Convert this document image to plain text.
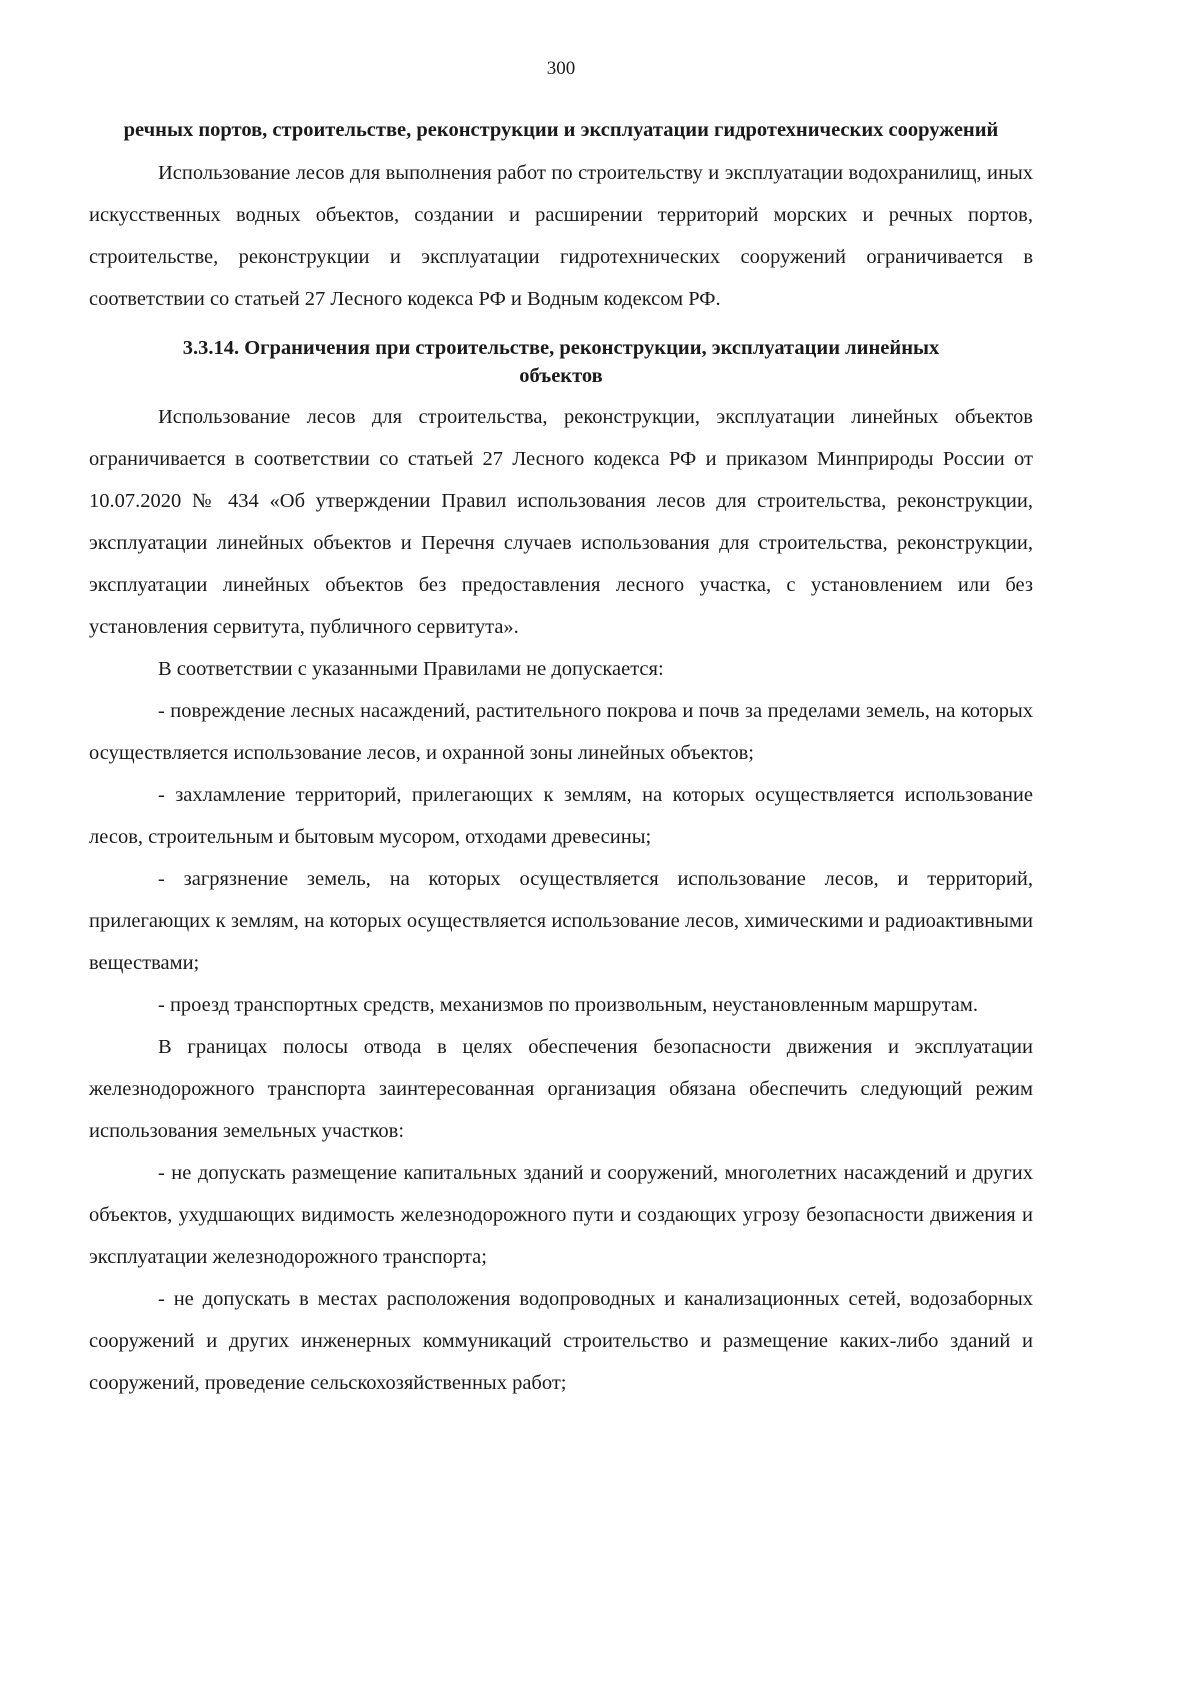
300
речных портов, строительстве, реконструкции и эксплуатации гидротехнических сооружений

Использование лесов для выполнения работ по строительству и эксплуатации водохранилищ, иных искусственных водных объектов, создании и расширении территорий морских и речных портов, строительстве, реконструкции и эксплуатации гидротехнических сооружений ограничивается в соответствии со статьей 27 Лесного кодекса РФ и Водным кодексом РФ.

3.3.14. Ограничения при строительстве, реконструкции, эксплуатации линейных объектов

Использование лесов для строительства, реконструкции, эксплуатации линейных объектов ограничивается в соответствии со статьей 27 Лесного кодекса РФ и приказом Минприроды России от 10.07.2020 № 434 «Об утверждении Правил использования лесов для строительства, реконструкции, эксплуатации линейных объектов и Перечня случаев использования для строительства, реконструкции, эксплуатации линейных объектов без предоставления лесного участка, с установлением или без установления сервитута, публичного сервитута».

В соответствии с указанными Правилами не допускается:

- повреждение лесных насаждений, растительного покрова и почв за пределами земель, на которых осуществляется использование лесов, и охранной зоны линейных объектов;

- захламление территорий, прилегающих к землям, на которых осуществляется использование лесов, строительным и бытовым мусором, отходами древесины;

- загрязнение земель, на которых осуществляется использование лесов, и территорий, прилегающих к землям, на которых осуществляется использование лесов, химическими и радиоактивными веществами;

- проезд транспортных средств, механизмов по произвольным, неустановленным маршрутам.

В границах полосы отвода в целях обеспечения безопасности движения и эксплуатации железнодорожного транспорта заинтересованная организация обязана обеспечить следующий режим использования земельных участков:

- не допускать размещение капитальных зданий и сооружений, многолетних насаждений и других объектов, ухудшающих видимость железнодорожного пути и создающих угрозу безопасности движения и эксплуатации железнодорожного транспорта;

- не допускать в местах расположения водопроводных и канализационных сетей, водозаборных сооружений и других инженерных коммуникаций строительство и размещение каких-либо зданий и сооружений, проведение сельскохозяйственных работ;
